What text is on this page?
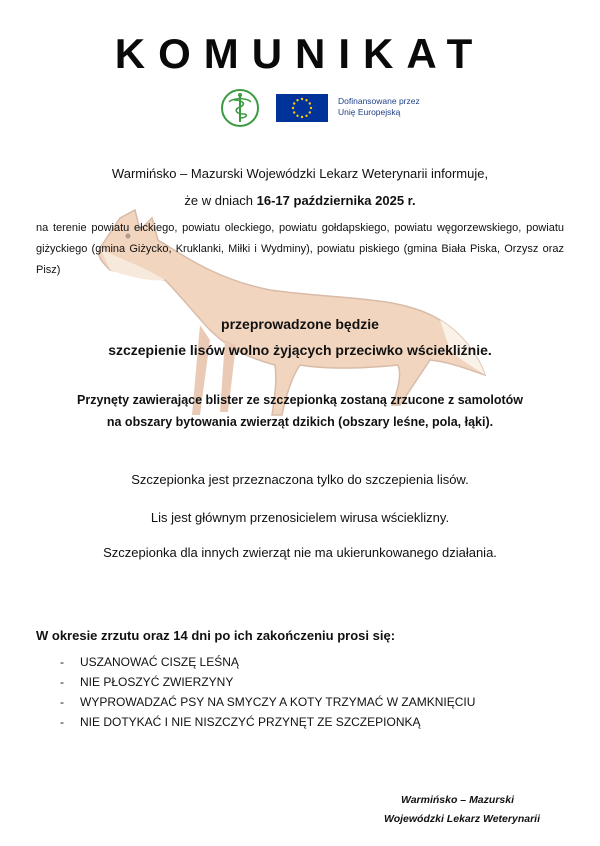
KOMUNIKAT
Dofinansowane przez
Unię Europejską
Warmińsko – Mazurski Wojewódzki Lekarz Weterynarii informuje,
że w dniach 16-17 października 2025 r.
na terenie powiatu ełckiego, powiatu oleckiego, powiatu gołdapskiego, powiatu węgorzewskiego, powiatu giżyckiego (gmina Giżycko, Kruklanki, Miłki i Wydminy), powiatu piskiego (gmina Biała Piska, Orzysz oraz Pisz)
przeprowadzone będzie
szczepienie lisów wolno żyjących przeciwko wściekliźnie.
Przynęty zawierające blister ze szczepionką zostaną zrzucone z samolotów
na obszary bytowania zwierząt dzikich (obszary leśne, pola, łąki).
Szczepionka jest przeznaczona tylko do szczepienia lisów.
Lis jest głównym przenosicielem wirusa wścieklizny.
Szczepionka dla innych zwierząt nie ma ukierunkowanego działania.
W okresie zrzutu oraz 14 dni po ich zakończeniu prosi się:
-	USZANOWAĆ CISZĘ LEŚNĄ
-	NIE PŁOSZYĆ ZWIERZYNY
-	WYPROWADZAĆ PSY NA SMYCZY A KOTY TRZYMAĆ W ZAMKNIĘCIU
-	NIE DOTYKAĆ I NIE NISZCZYĆ PRZYNĘT ZE SZCZEPIONKĄ
Warmińsko – Mazurski
Wojewódzki Lekarz Weterynarii
